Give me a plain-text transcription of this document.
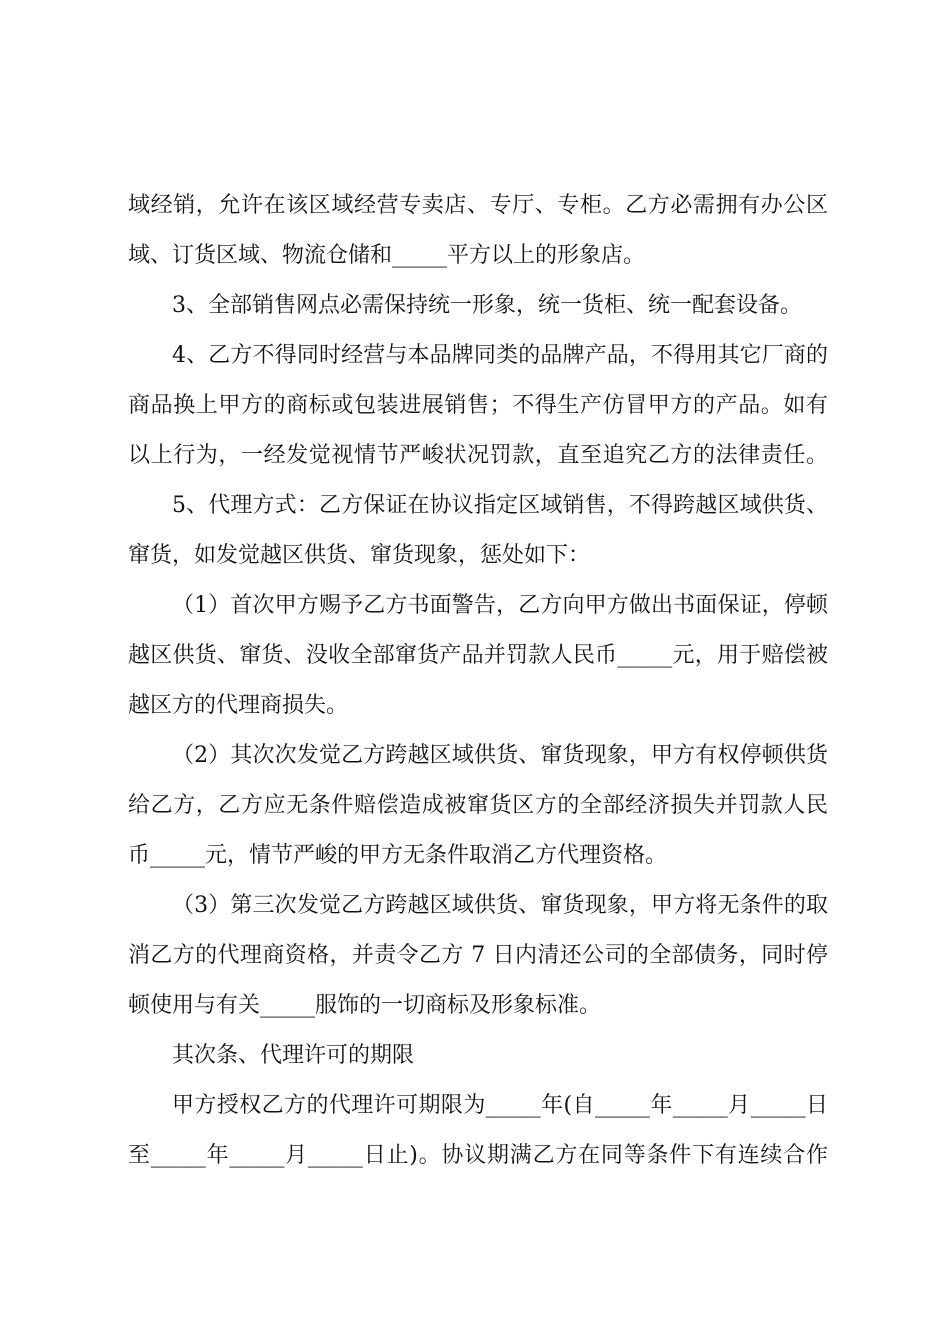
域经销，允许在该区域经营专卖店、专厅、专柜。乙方必需拥有办公区
域、订货区域、物流仓储和_____平方以上的形象店。
3、全部销售网点必需保持统一形象，统一货柜、统一配套设备。
4、乙方不得同时经营与本品牌同类的品牌产品，不得用其它厂商的
商品换上甲方的商标或包装进展销售；不得生产仿冒甲方的产品。如有
以上行为，一经发觉视情节严峻状况罚款，直至追究乙方的法律责任。
5、代理方式：乙方保证在协议指定区域销售，不得跨越区域供货、
窜货，如发觉越区供货、窜货现象，惩处如下：
（1）首次甲方赐予乙方书面警告，乙方向甲方做出书面保证，停顿
越区供货、窜货、没收全部窜货产品并罚款人民币_____元，用于赔偿被
越区方的代理商损失。
（2）其次次发觉乙方跨越区域供货、窜货现象，甲方有权停顿供货
给乙方，乙方应无条件赔偿造成被窜货区方的全部经济损失并罚款人民
币_____元，情节严峻的甲方无条件取消乙方代理资格。
（3）第三次发觉乙方跨越区域供货、窜货现象，甲方将无条件的取
消乙方的代理商资格，并责令乙方 7 日内清还公司的全部债务，同时停
顿使用与有关_____服饰的一切商标及形象标准。
其次条、代理许可的期限
甲方授权乙方的代理许可期限为_____年(自_____年_____月_____日
至_____年_____月_____日止)。协议期满乙方在同等条件下有连续合作
